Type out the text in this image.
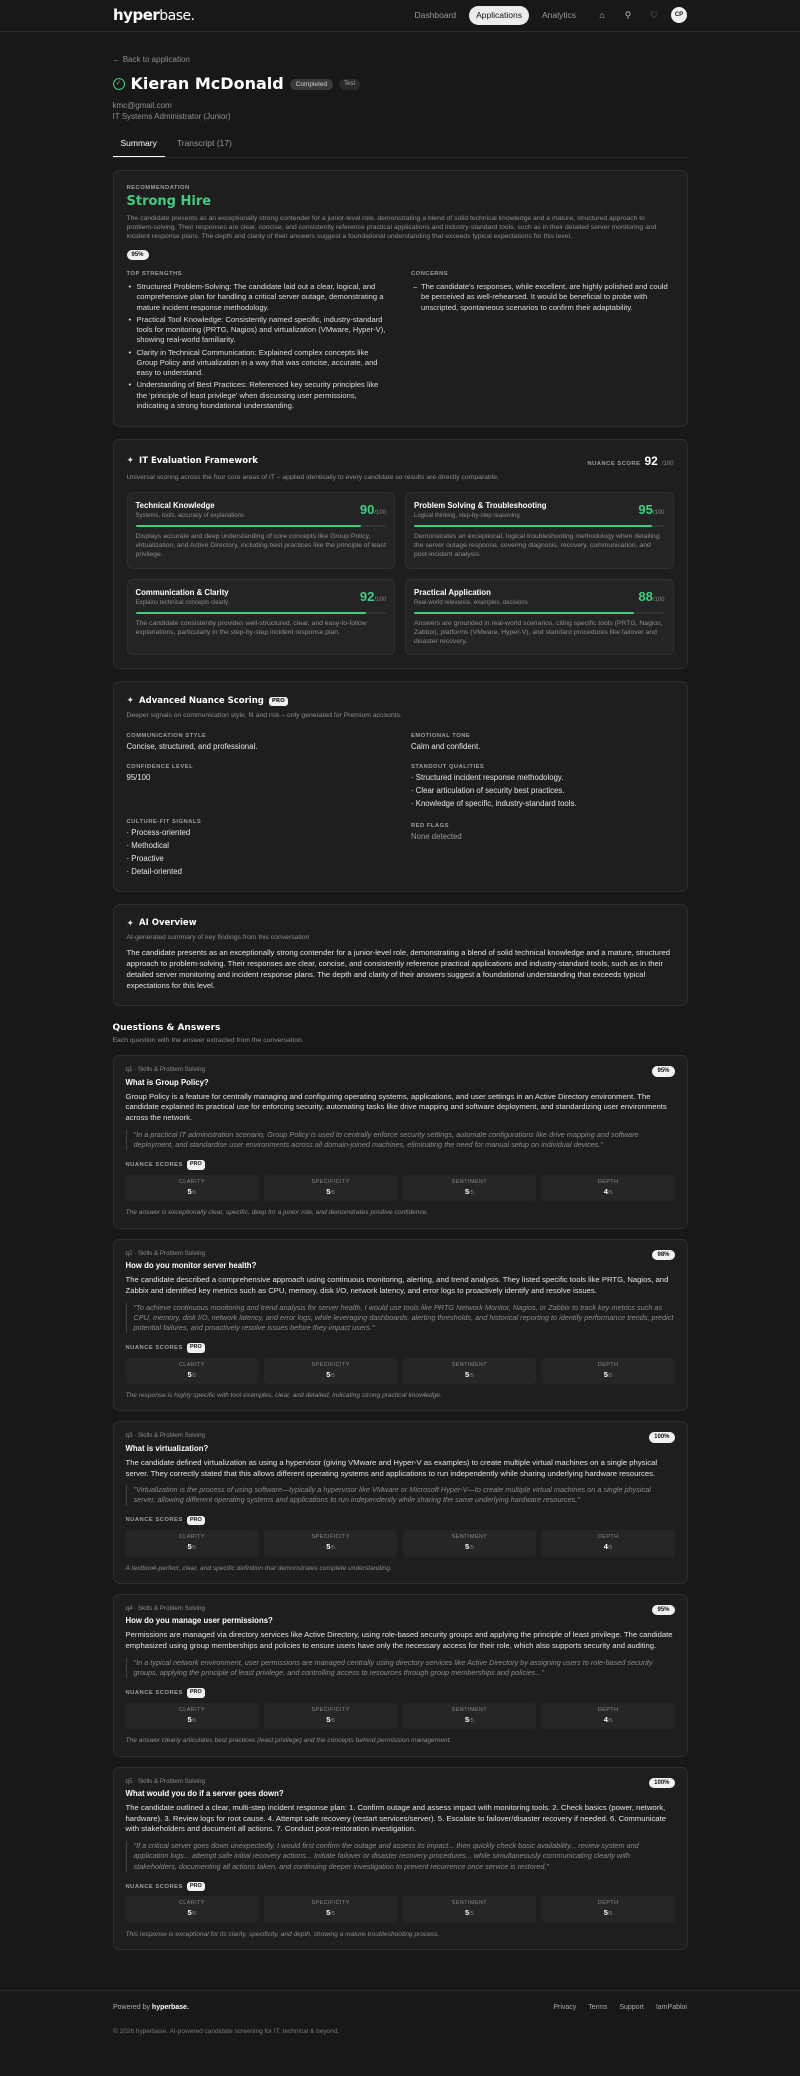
hyperbase.	Dashboard	Applications	Analytics	⌂	⚲	♡	CP
← Back to application
✓ Kieran McDonald	Completed	Test
kmc@gmail.com
IT Systems Administrator (Junior)
Summary	Transcript (17)
RECOMMENDATION
Strong Hire
The candidate presents as an exceptionally strong contender for a junior-level role, demonstrating a blend of solid technical knowledge and a mature, structured approach to problem-solving. Their responses are clear, concise, and consistently reference practical applications and industry-standard tools, such as in their detailed server monitoring and incident response plans. The depth and clarity of their answers suggest a foundational understanding that exceeds typical expectations for this level.
95%
TOP STRENGTHS
• Structured Problem-Solving: The candidate laid out a clear, logical, and comprehensive plan for handling a critical server outage, demonstrating a mature incident response methodology.
• Practical Tool Knowledge: Consistently named specific, industry-standard tools for monitoring (PRTG, Nagios) and virtualization (VMware, Hyper-V), showing real-world familiarity.
• Clarity in Technical Communication: Explained complex concepts like Group Policy and virtualization in a way that was concise, accurate, and easy to understand.
• Understanding of Best Practices: Referenced key security principles like the 'principle of least privilege' when discussing user permissions, indicating a strong foundational understanding.
CONCERNS
– The candidate's responses, while excellent, are highly polished and could be perceived as well-rehearsed. It would be beneficial to probe with unscripted, spontaneous scenarios to confirm their adaptability.
✦ IT Evaluation Framework	NUANCE SCORE 92 /100
Universal scoring across the four core areas of IT – applied identically to every candidate so results are directly comparable.
Technical Knowledge
Systems, tools, accuracy of explanations	90/100
Displays accurate and deep understanding of core concepts like Group Policy, virtualization, and Active Directory, including best practices like the principle of least privilege.
Problem Solving & Troubleshooting
Logical thinking, step-by-step reasoning	95/100
Demonstrates an exceptional, logical troubleshooting methodology when detailing the server outage response, covering diagnosis, recovery, communication, and post-incident analysis.
Communication & Clarity
Explains technical concepts clearly	92/100
The candidate consistently provides well-structured, clear, and easy-to-follow explanations, particularly in the step-by-step incident response plan.
Practical Application
Real-world relevance, examples, decisions	88/100
Answers are grounded in real-world scenarios, citing specific tools (PRTG, Nagios, Zabbix), platforms (VMware, Hyper-V), and standard procedures like failover and disaster recovery.
✦ Advanced Nuance Scoring	PRO
Deeper signals on communication style, fit and risk – only generated for Premium accounts.
COMMUNICATION STYLE
Concise, structured, and professional.
CONFIDENCE LEVEL
95/100
CULTURE-FIT SIGNALS
· Process-oriented
· Methodical
· Proactive
· Detail-oriented
EMOTIONAL TONE
Calm and confident.
STANDOUT QUALITIES
· Structured incident response methodology.
· Clear articulation of security best practices.
· Knowledge of specific, industry-standard tools.
RED FLAGS
None detected
✦ AI Overview
AI-generated summary of key findings from this conversation
The candidate presents as an exceptionally strong contender for a junior-level role, demonstrating a blend of solid technical knowledge and a mature, structured approach to problem-solving. Their responses are clear, concise, and consistently reference practical applications and industry-standard tools, such as in their detailed server monitoring and incident response plans. The depth and clarity of their answers suggest a foundational understanding that exceeds typical expectations for this level.
Questions & Answers
Each question with the answer extracted from the conversation.
q1 · Skills & Problem Solving	95%
What is Group Policy?
Group Policy is a feature for centrally managing and configuring operating systems, applications, and user settings in an Active Directory environment. The candidate explained its practical use for enforcing security, automating tasks like drive mapping and software deployment, and standardizing user environments across the network.
"In a practical IT administration scenario, Group Policy is used to centrally enforce security settings, automate configurations like drive mapping and software deployment, and standardise user environments across all domain-joined machines, eliminating the need for manual setup on individual devices."
NUANCE SCORES	PRO
CLARITY
5/5
SPECIFICITY
5/5
SENTIMENT
5/5
DEPTH
4/5
The answer is exceptionally clear, specific, deep for a junior role, and demonstrates positive confidence.
q2 · Skills & Problem Solving	98%
How do you monitor server health?
The candidate described a comprehensive approach using continuous monitoring, alerting, and trend analysis. They listed specific tools like PRTG, Nagios, and Zabbix and identified key metrics such as CPU, memory, disk I/O, network latency, and error logs to proactively identify and resolve issues.
"To achieve continuous monitoring and trend analysis for server health, I would use tools like PRTG Network Monitor, Nagios, or Zabbix to track key metrics such as CPU, memory, disk I/O, network latency, and error logs, while leveraging dashboards, alerting thresholds, and historical reporting to identify performance trends, predict potential failures, and proactively resolve issues before they impact users."
NUANCE SCORES	PRO
CLARITY
5/5
SPECIFICITY
5/5
SENTIMENT
5/5
DEPTH
5/5
The response is highly specific with tool examples, clear, and detailed, indicating strong practical knowledge.
q3 · Skills & Problem Solving	100%
What is virtualization?
The candidate defined virtualization as using a hypervisor (giving VMware and Hyper-V as examples) to create multiple virtual machines on a single physical server. They correctly stated that this allows different operating systems and applications to run independently while sharing underlying hardware resources.
"Virtualization is the process of using software—typically a hypervisor like VMware or Microsoft Hyper-V—to create multiple virtual machines on a single physical server, allowing different operating systems and applications to run independently while sharing the same underlying hardware resources."
NUANCE SCORES	PRO
CLARITY
5/5
SPECIFICITY
5/5
SENTIMENT
5/5
DEPTH
4/5
A textbook-perfect, clear, and specific definition that demonstrates complete understanding.
q4 · Skills & Problem Solving	95%
How do you manage user permissions?
Permissions are managed via directory services like Active Directory, using role-based security groups and applying the principle of least privilege. The candidate emphasized using group memberships and policies to ensure users have only the necessary access for their role, which also supports security and auditing.
"In a typical network environment, user permissions are managed centrally using directory services like Active Directory by assigning users to role-based security groups, applying the principle of least privilege, and controlling access to resources through group memberships and policies..."
NUANCE SCORES	PRO
CLARITY
5/5
SPECIFICITY
5/5
SENTIMENT
5/5
DEPTH
4/5
The answer clearly articulates best practices (least privilege) and the concepts behind permission management.
q5 · Skills & Problem Solving	100%
What would you do if a server goes down?
The candidate outlined a clear, multi-step incident response plan: 1. Confirm outage and assess impact with monitoring tools. 2. Check basics (power, network, hardware). 3. Review logs for root cause. 4. Attempt safe recovery (restart services/server). 5. Escalate to failover/disaster recovery if needed. 6. Communicate with stakeholders and document all actions. 7. Conduct post-restoration investigation.
"If a critical server goes down unexpectedly, I would first confirm the outage and assess its impact... then quickly check basic availability... review system and application logs... attempt safe initial recovery actions... Initiate failover or disaster recovery procedures... while simultaneously communicating clearly with stakeholders, documenting all actions taken, and continuing deeper investigation to prevent recurrence once service is restored."
NUANCE SCORES	PRO
CLARITY
5/5
SPECIFICITY
5/5
SENTIMENT
5/5
DEPTH
5/5
This response is exceptional for its clarity, specificity, and depth, showing a mature troubleshooting process.
Powered by hyperbase.	Privacy Terms Support IamPabloi
© 2026 hyperbase. AI-powered candidate screening for IT, technical & beyond.
